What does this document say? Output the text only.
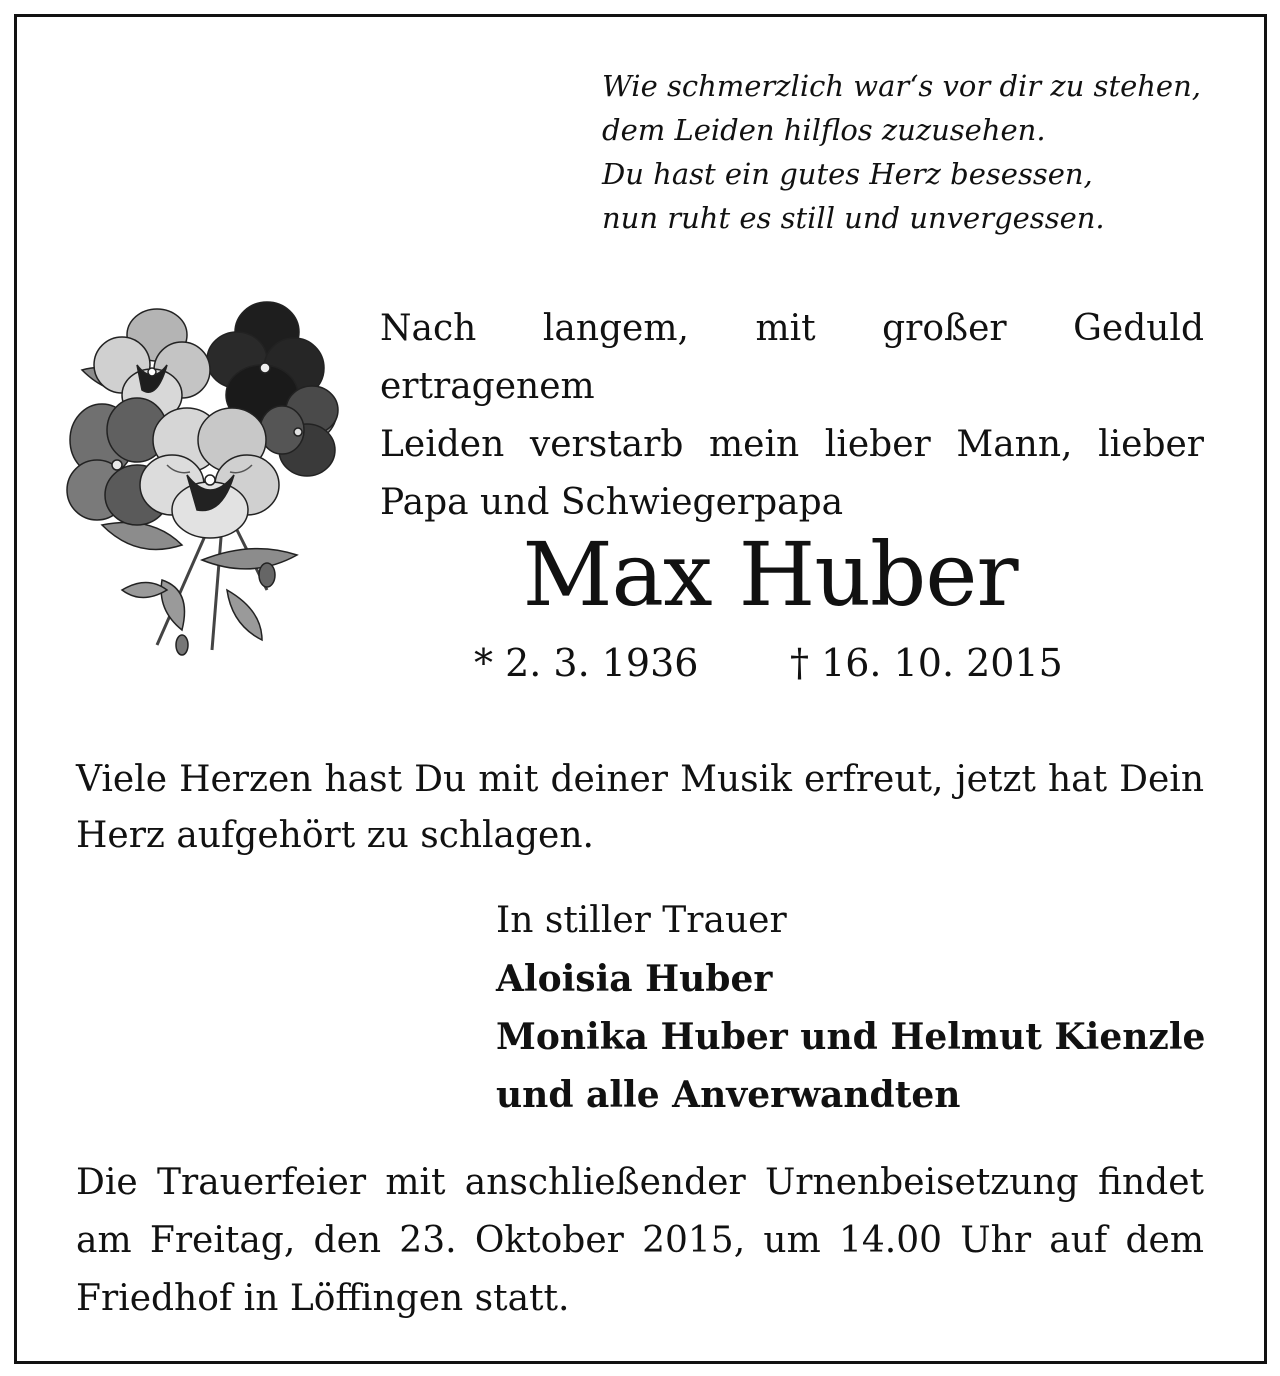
Wie schmerzlich war‘s vor dir zu stehen,
dem Leiden hilflos zuzusehen.
Du hast ein gutes Herz besessen,
nun ruht es still und unvergessen.
Nach langem, mit großer Geduld ertragenem
Leiden verstarb mein lieber Mann, lieber
Papa und Schwiegerpapa
Max Huber
* 2. 3. 1936 † 16. 10. 2015
Viele Herzen hast Du mit deiner Musik erfreut, jetzt hat Dein
Herz aufgehört zu schlagen.
In stiller Trauer
Aloisia Huber
Monika Huber und Helmut Kienzle
und alle Anverwandten
Die Trauerfeier mit anschließender Urnenbeisetzung findet
am Freitag, den 23. Oktober 2015, um 14.00 Uhr auf dem
Friedhof in Löffingen statt.
